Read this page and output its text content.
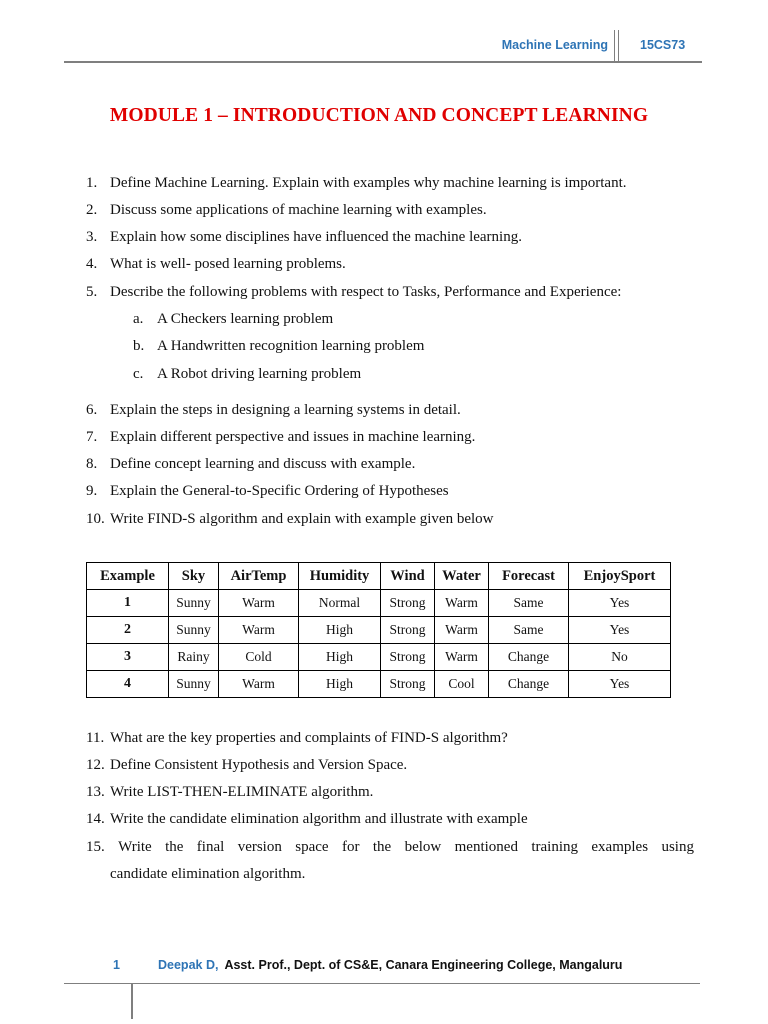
Machine Learning	15CS73
MODULE 1 – INTRODUCTION AND CONCEPT LEARNING
1. Define Machine Learning. Explain with examples why machine learning is important.
2. Discuss some applications of machine learning with examples.
3. Explain how some disciplines have influenced the machine learning.
4. What is well- posed learning problems.
5. Describe the following problems with respect to Tasks, Performance and Experience:
a. A Checkers learning problem
b. A Handwritten recognition learning problem
c. A Robot driving learning problem
6. Explain the steps in designing a learning systems in detail.
7. Explain different perspective and issues in machine learning.
8. Define concept learning and discuss with example.
9. Explain the General-to-Specific Ordering of Hypotheses
10. Write FIND-S algorithm and explain with example given below
Example	Sky	AirTemp	Humidity	Wind	Water	Forecast	EnjoySport
1	Sunny	Warm	Normal	Strong	Warm	Same	Yes
2	Sunny	Warm	High	Strong	Warm	Same	Yes
3	Rainy	Cold	High	Strong	Warm	Change	No
4	Sunny	Warm	High	Strong	Cool	Change	Yes
11. What are the key properties and complaints of FIND-S algorithm?
12. Define Consistent Hypothesis and Version Space.
13. Write LIST-THEN-ELIMINATE algorithm.
14. Write the candidate elimination algorithm and illustrate with example
15. Write the final version space for the below mentioned training examples using
candidate elimination algorithm.
1	Deepak D, Asst. Prof., Dept. of CS&E, Canara Engineering College, Mangaluru
